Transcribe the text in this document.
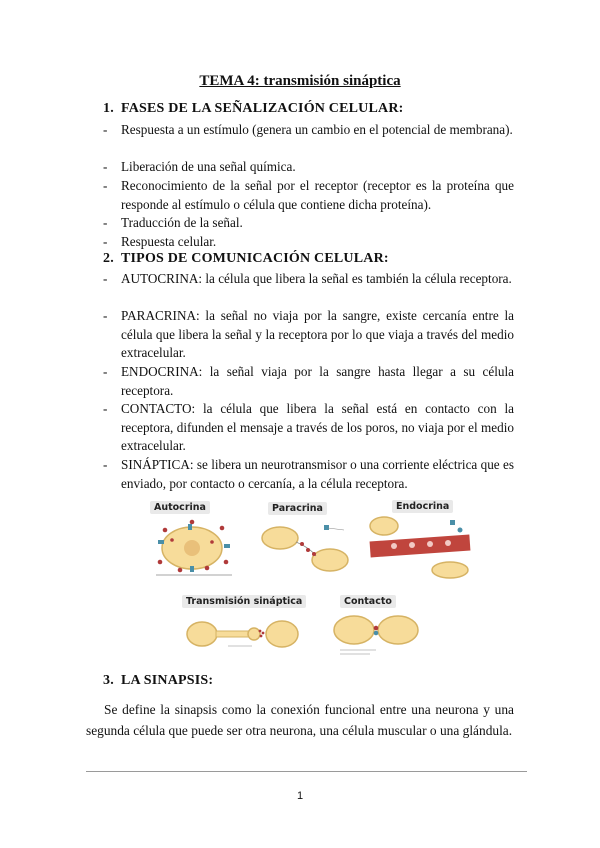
TEMA 4: transmisión sináptica
1. FASES DE LA SEÑALIZACIÓN CELULAR:
- Respuesta a un estímulo (genera un cambio en el potencial de membrana).
- Liberación de una señal química.
- Reconocimiento de la señal por el receptor (receptor es la proteína que responde al estímulo o célula que contiene dicha proteína).
- Traducción de la señal.
- Respuesta celular.
2. TIPOS DE COMUNICACIÓN CELULAR:
- AUTOCRINA: la célula que libera la señal es también la célula receptora.
- PARACRINA: la señal no viaja por la sangre, existe cercanía entre la célula que libera la señal y la receptora por lo que viaja a través del medio extracelular.
- ENDOCRINA: la señal viaja por la sangre hasta llegar a su célula receptora.
- CONTACTO: la célula que libera la señal está en contacto con la receptora, difunden el mensaje a través de los poros, no viaja por el medio extracelular.
- SINÁPTICA: se libera un neurotransmisor o una corriente eléctrica que es enviado, por contacto o cercanía, a la célula receptora.
Autocrina	Paracrina	Endocrina
Transmisión sináptica	Contacto
3. LA SINAPSIS:
Se define la sinapsis como la conexión funcional entre una neurona y una segunda célula que puede ser otra neurona, una célula muscular o una glándula.
1
